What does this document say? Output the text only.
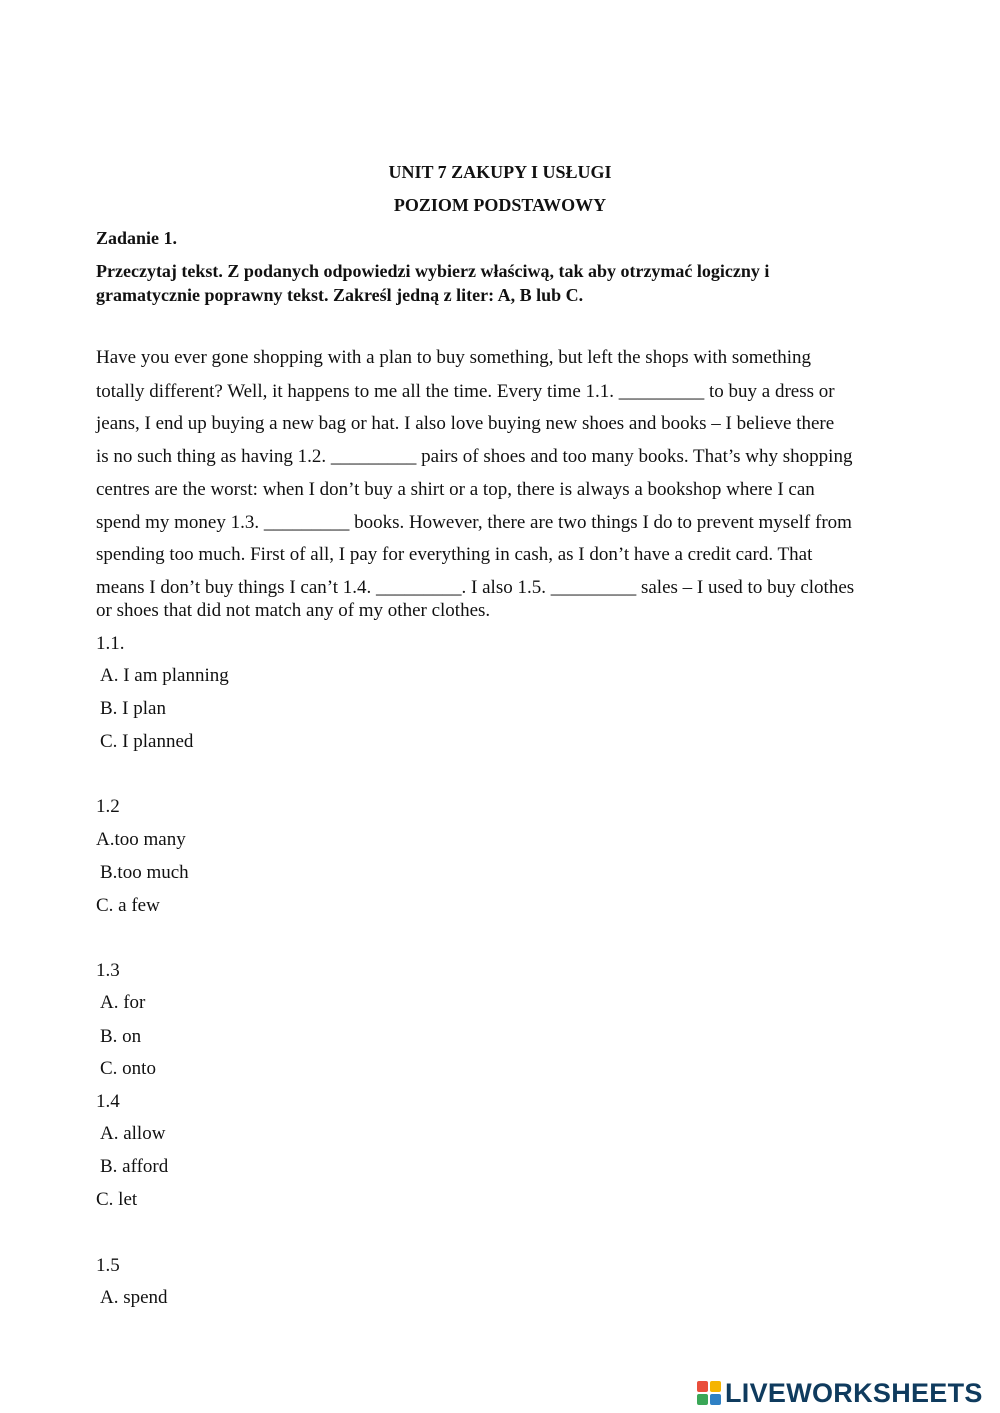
UNIT 7 ZAKUPY I USŁUGI
POZIOM PODSTAWOWY
Zadanie 1.
Przeczytaj tekst. Z podanych odpowiedzi wybierz właściwą, tak aby otrzymać logiczny i gramatycznie poprawny tekst. Zakreśl jedną z liter: A, B lub C.
Have you ever gone shopping with a plan to buy something, but left the shops with something
totally different? Well, it happens to me all the time. Every time 1.1. _________ to buy a dress or
jeans, I end up buying a new bag or hat. I also love buying new shoes and books – I believe there
is no such thing as having 1.2. _________ pairs of shoes and too many books. That’s why shopping
centres are the worst: when I don’t buy a shirt or a top, there is always a bookshop where I can
spend my money 1.3. _________ books. However, there are two things I do to prevent myself from
spending too much. First of all, I pay for everything in cash, as I don’t have a credit card. That
means I don’t buy things I can’t 1.4. _________. I also 1.5. _________ sales – I used to buy clothes
or shoes that did not match any of my other clothes.
1.1.
A. I am planning
B. I plan
C. I planned
1.2
A.too many
B.too much
C. a few
1.3
A. for
B. on
C. onto
1.4
A. allow
B. afford
C. let
1.5
A. spend
LIVEWORKSHEETS
